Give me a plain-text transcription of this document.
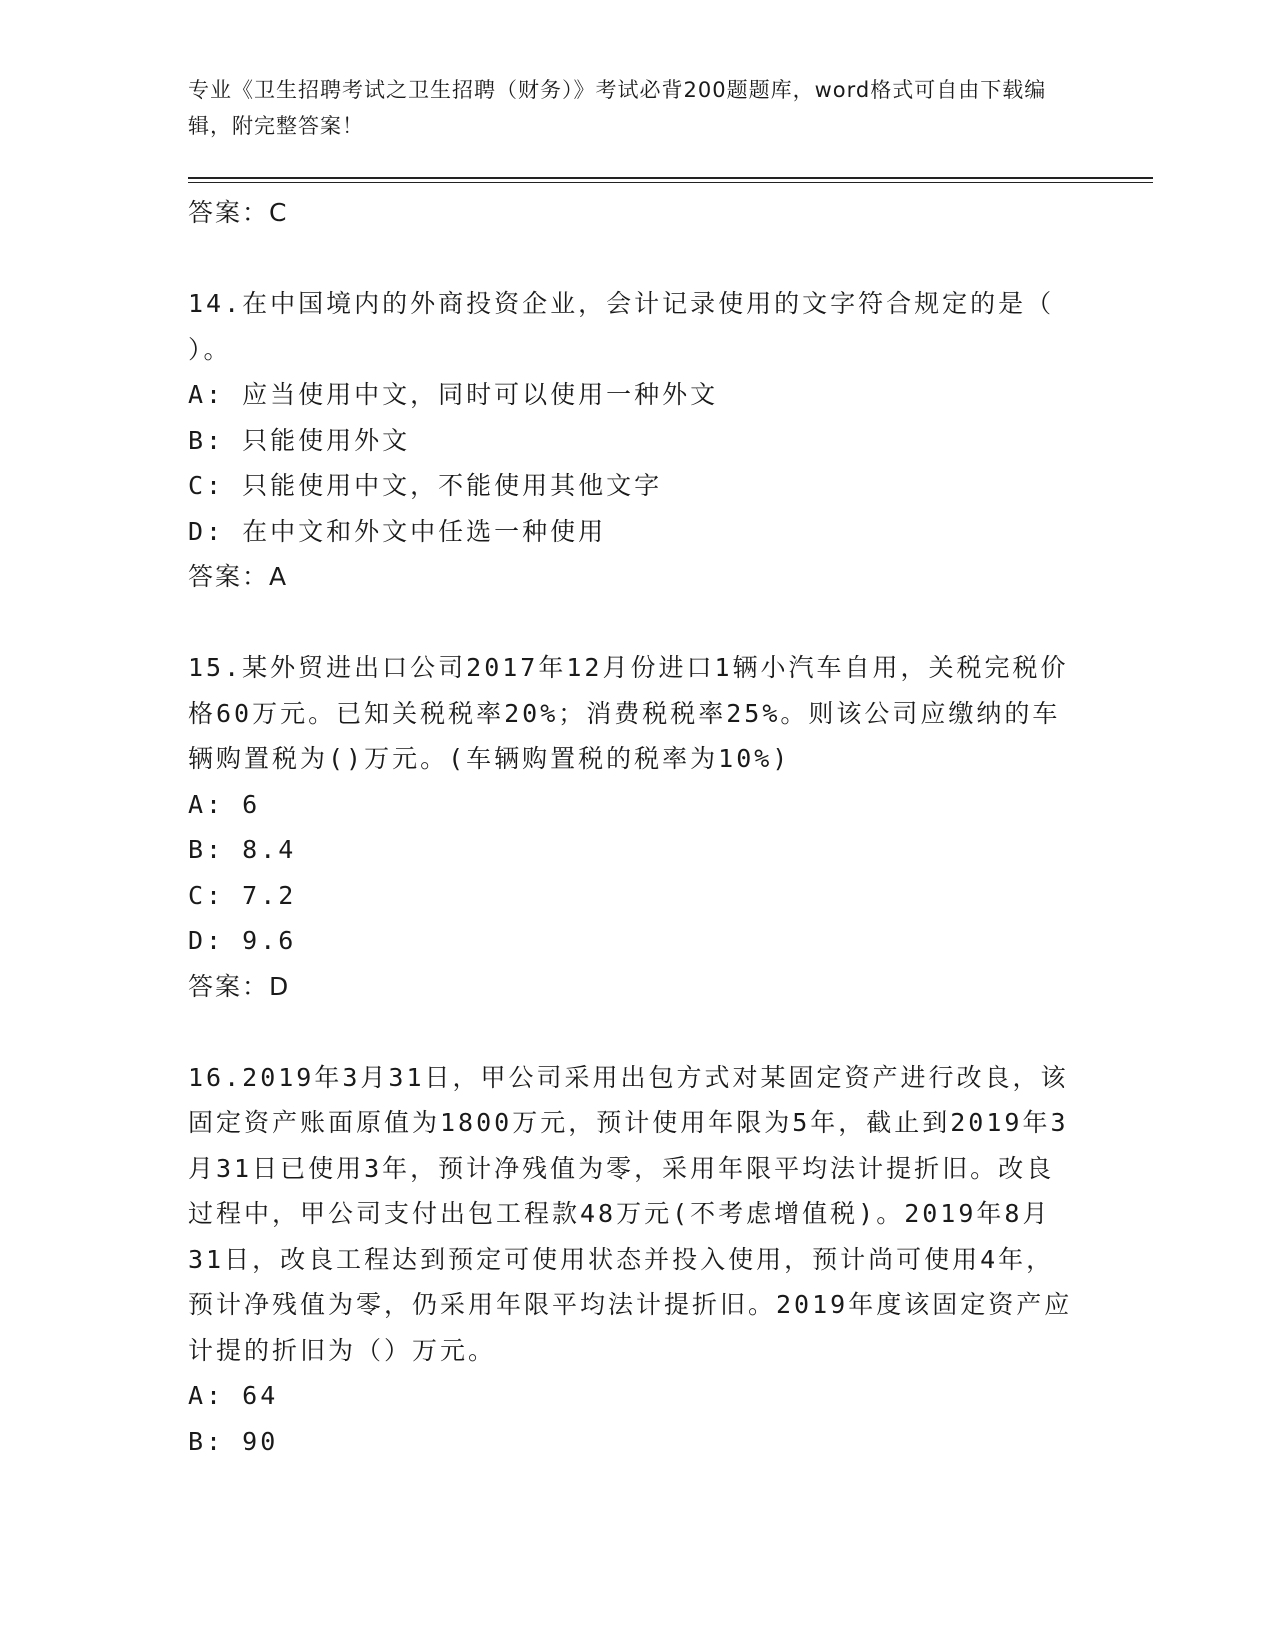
专业《卫生招聘考试之卫生招聘（财务）》考试必背200题题库，word格式可自由下载编辑，附完整答案！

答案：C

14.在中国境内的外商投资企业，会计记录使用的文字符合规定的是（ ）。

A: 应当使用中文，同时可以使用一种外文

B: 只能使用外文

C: 只能使用中文，不能使用其他文字

D: 在中文和外文中任选一种使用

答案：A

15.某外贸进出口公司2017年12月份进口1辆小汽车自用，关税完税价格60万元。已知关税税率20%；消费税税率25%。则该公司应缴纳的车辆购置税为()万元。(车辆购置税的税率为10%)

A: 6

B: 8.4

C: 7.2

D: 9.6

答案：D

16.2019年3月31日，甲公司采用出包方式对某固定资产进行改良，该固定资产账面原值为1800万元，预计使用年限为5年，截止到2019年3月31日已使用3年，预计净残值为零，采用年限平均法计提折旧。改良过程中，甲公司支付出包工程款48万元(不考虑增值税)。2019年8月31日，改良工程达到预定可使用状态并投入使用，预计尚可使用4年，预计净残值为零，仍采用年限平均法计提折旧。2019年度该固定资产应计提的折旧为（）万元。

A: 64

B: 90
